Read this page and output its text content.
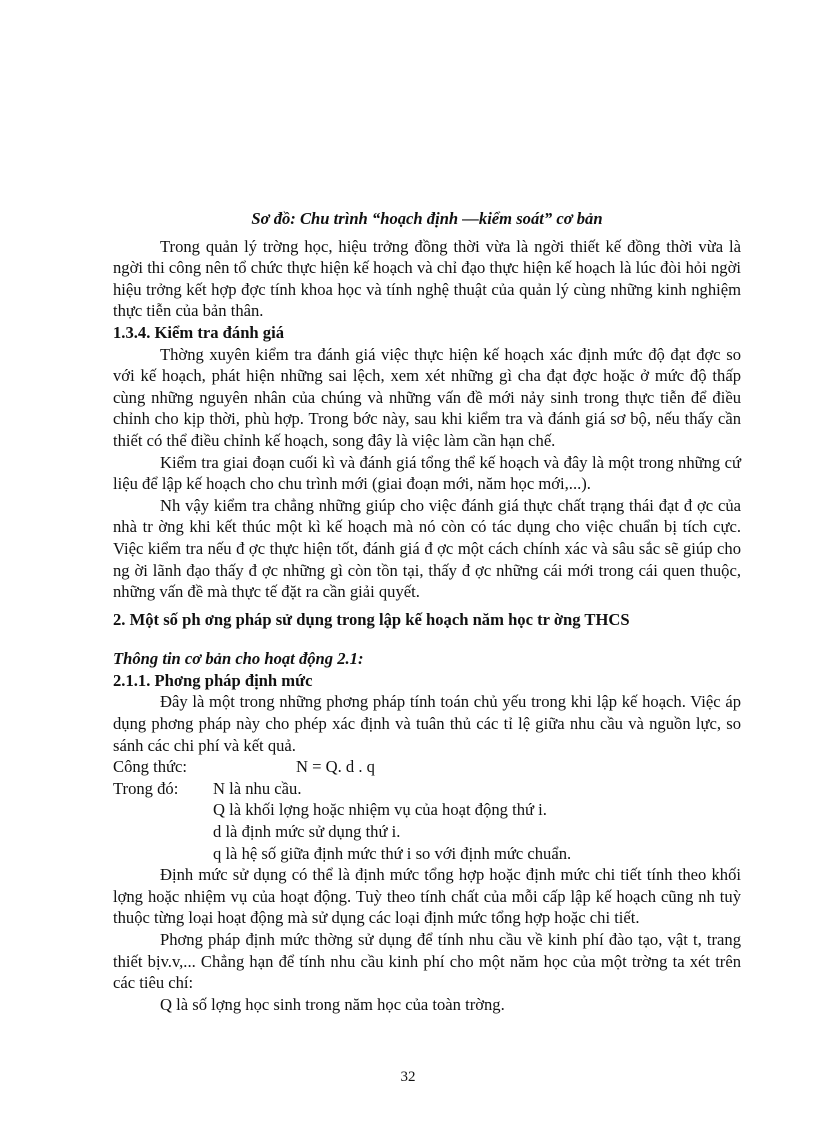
Sơ đồ: Chu trình “hoạch định —kiểm soát” cơ bản

Trong quản lý trờng học, hiệu trởng đồng thời vừa là ngời thiết kế đồng thời vừa là ngời thi công nên tổ chức thực hiện kế hoạch và chỉ đạo thực hiện kế hoạch là lúc đòi hỏi ngời hiệu trởng kết hợp đợc tính khoa học và tính nghệ thuật của quản lý cùng những kinh nghiệm thực tiễn của bản thân.

1.3.4. Kiểm tra đánh giá

Thờng xuyên kiểm tra đánh giá việc thực hiện kế hoạch xác định mức độ đạt đợc so với kế hoạch, phát hiện những sai lệch, xem xét những gì cha đạt đợc hoặc ở mức độ thấp cùng những nguyên nhân của chúng và những vấn đề mới nảy sinh trong thực tiễn để điều chỉnh cho kịp thời, phù hợp. Trong bớc này, sau khi kiểm tra và đánh giá sơ bộ, nếu thấy cần thiết có thể điều chỉnh kế hoạch, song đây là việc làm cần hạn chế.

Kiểm tra giai đoạn cuối kì và đánh giá tổng thể kế hoạch và đây là một trong những cứ liệu để lập kế hoạch cho chu trình mới (giai đoạn mới, năm học mới,...).

Nh vậy kiểm tra chẳng những giúp cho việc đánh giá thực chất trạng thái đạt đ ợc của nhà tr ờng khi kết thúc một kì kế hoạch mà nó còn có tác dụng cho việc chuẩn bị tích cực. Việc kiểm tra nếu đ ợc thực hiện tốt, đánh giá đ ợc một cách chính xác và sâu sắc sẽ giúp cho ng ời lãnh đạo thấy đ ợc những gì còn tồn tại, thấy đ ợc những cái mới trong cái quen thuộc, những vấn đề mà thực tế đặt ra cần giải quyết.

2. Một số ph ơng pháp sử dụng trong lập kế hoạch năm học tr ờng THCS

Thông tin cơ bản cho hoạt động 2.1:

2.1.1. Phơng pháp định mức

Đây là một trong những phơng pháp tính toán chủ yếu trong khi lập kế hoạch. Việc áp dụng phơng pháp này cho phép xác định và tuân thủ các tỉ lệ giữa nhu cầu và nguồn lực, so sánh các chi phí và kết quả.

Công thức:	N = Q. d . q
Trong đó:	N là nhu cầu.

Q là khối lợng hoặc nhiệm vụ của hoạt động thứ i.

d là định mức sử dụng thứ i.

q là hệ số giữa định mức thứ i so với định mức chuẩn.

Định mức sử dụng có thể là định mức tổng hợp hoặc định mức chi tiết tính theo khối lợng hoặc nhiệm vụ của hoạt động. Tuỳ theo tính chất của mỗi cấp lập kế hoạch cũng nh tuỳ thuộc từng loại hoạt động mà sử dụng các loại định mức tổng hợp hoặc chi tiết.

Phơng pháp định mức thờng sử dụng để tính nhu cầu về kinh phí đào tạo, vật t, trang thiết bịv.v,... Chẳng hạn để tính nhu cầu kinh phí cho một năm học của một trờng ta xét trên các tiêu chí:

Q là số lợng học sinh trong năm học của toàn trờng.

32
